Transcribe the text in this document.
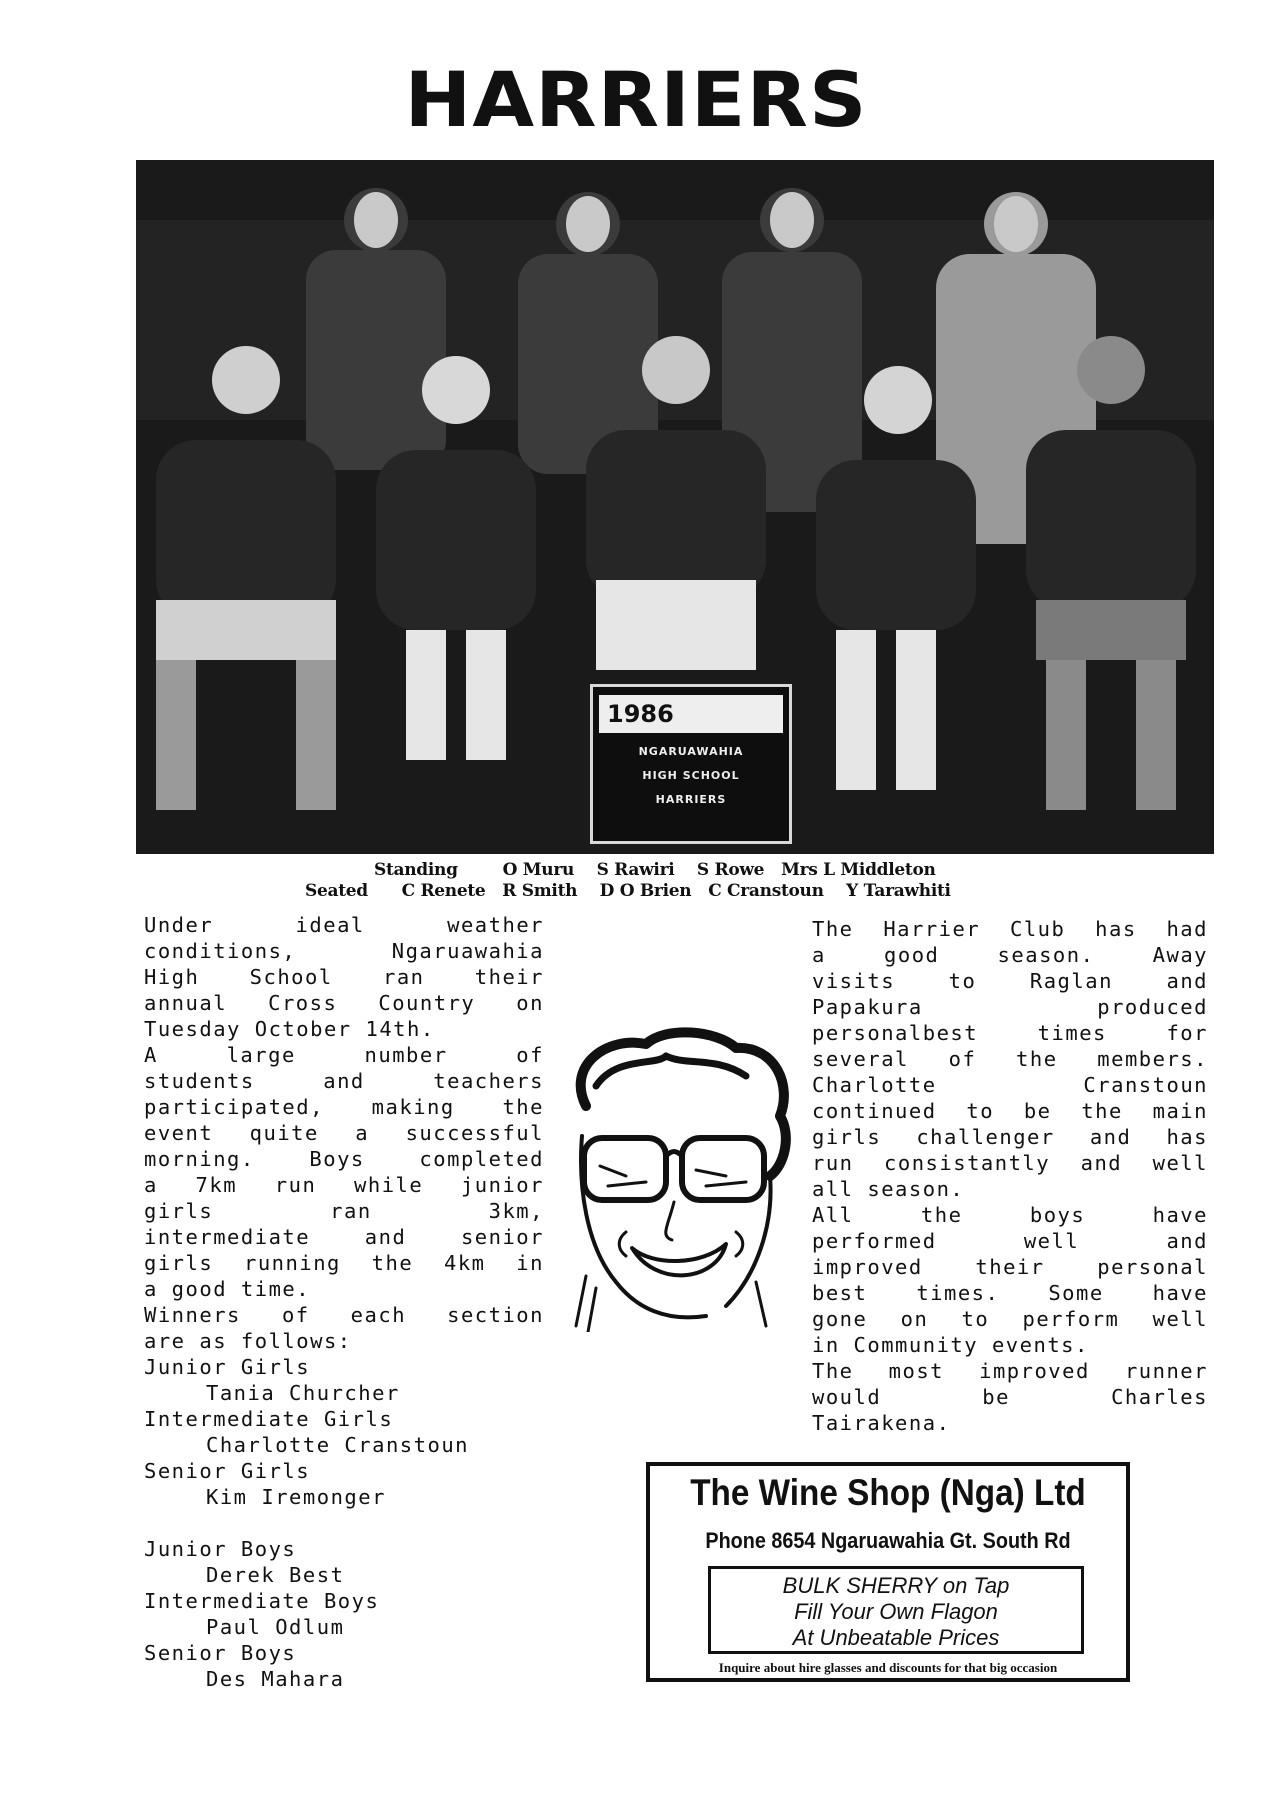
HARRIERS
1986
NGARUAWAHIA
HIGH SCHOOL
HARRIERS
Standing	O Muru S Rawiri S Rowe Mrs L Middleton
Seated C Renete R Smith D O Brien C Cranstoun Y Tarawhiti
Under ideal weather
conditions, Ngaruawahia
High School ran their
annual Cross Country on
Tuesday October 14th.
A large number of
students and teachers
participated, making the
event quite a successful
morning. Boys completed
a 7km run while junior
girls ran 3km,
intermediate and senior
girls running the 4km in
a good time.
Winners of each section
are as follows:
Junior Girls
Tania Churcher
Intermediate Girls
Charlotte Cranstoun
Senior Girls
Kim Iremonger
Junior Boys
Derek Best
Intermediate Boys
Paul Odlum
Senior Boys
Des Mahara
The Harrier Club has had
a good season. Away
visits to Raglan and
Papakura produced
personalbest times for
several of the members.
Charlotte Cranstoun
continued to be the main
girls challenger and has
run consistantly and well
all season.
All the boys have
performed well and
improved their personal
best times. Some have
gone on to perform well
in Community events.
The most improved runner
would be Charles
Tairakena.
The Wine Shop (Nga) Ltd
Phone 8654 Ngaruawahia Gt. South Rd
BULK SHERRY on Tap
Fill Your Own Flagon
At Unbeatable Prices
Inquire about hire glasses and discounts for that big occasion
